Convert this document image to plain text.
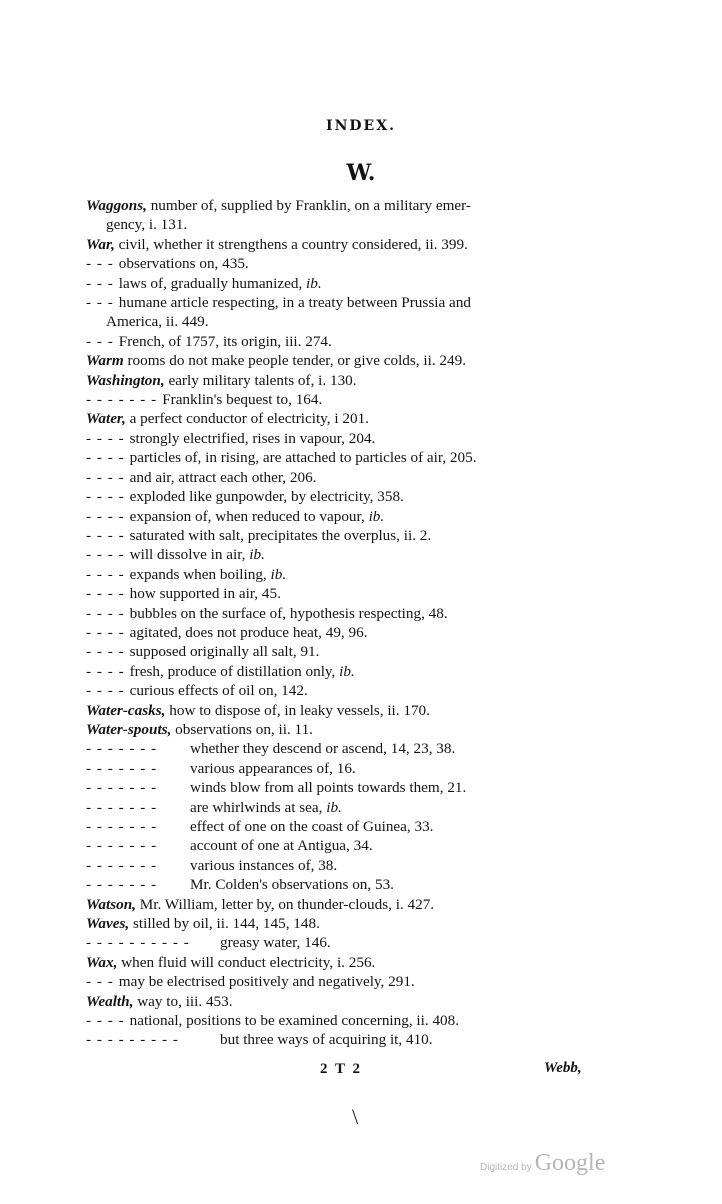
INDEX.
W.
Waggons, number of, supplied by Franklin, on a military emer-
gency, i. 131.
War, civil, whether it strengthens a country considered, ii. 399.
- - - observations on, 435.
- - - laws of, gradually humanized, ib.
- - - humane article respecting, in a treaty between Prussia and
America, ii. 449.
- - - French, of 1757, its origin, iii. 274.
Warm rooms do not make people tender, or give colds, ii. 249.
Washington, early military talents of, i. 130.
- - - - - - - Franklin's bequest to, 164.
Water, a perfect conductor of electricity, i 201.
- - - - strongly electrified, rises in vapour, 204.
- - - - particles of, in rising, are attached to particles of air, 205.
- - - - and air, attract each other, 206.
- - - - exploded like gunpowder, by electricity, 358.
- - - - expansion of, when reduced to vapour, ib.
- - - - saturated with salt, precipitates the overplus, ii. 2.
- - - - will dissolve in air, ib.
- - - - expands when boiling, ib.
- - - - how supported in air, 45.
- - - - bubbles on the surface of, hypothesis respecting, 48.
- - - - agitated, does not produce heat, 49, 96.
- - - - supposed originally all salt, 91.
- - - - fresh, produce of distillation only, ib.
- - - - curious effects of oil on, 142.
Water-casks, how to dispose of, in leaky vessels, ii. 170.
Water-spouts, observations on, ii. 11.
- - - - - - - whether they descend or ascend, 14, 23, 38.
- - - - - - - various appearances of, 16.
- - - - - - - winds blow from all points towards them, 21.
- - - - - - - are whirlwinds at sea, ib.
- - - - - - - effect of one on the coast of Guinea, 33.
- - - - - - - account of one at Antigua, 34.
- - - - - - - various instances of, 38.
- - - - - - - Mr. Colden's observations on, 53.
Watson, Mr. William, letter by, on thunder-clouds, i. 427.
Waves, stilled by oil, ii. 144, 145, 148.
- - - - - - - - - - greasy water, 146.
Wax, when fluid will conduct electricity, i. 256.
- - - may be electrised positively and negatively, 291.
Wealth, way to, iii. 453.
- - - - national, positions to be examined concerning, ii. 408.
- - - - - - - - -	but three ways of acquiring it, 410.
2 T 2	Webb,
\
Digitized by Google
